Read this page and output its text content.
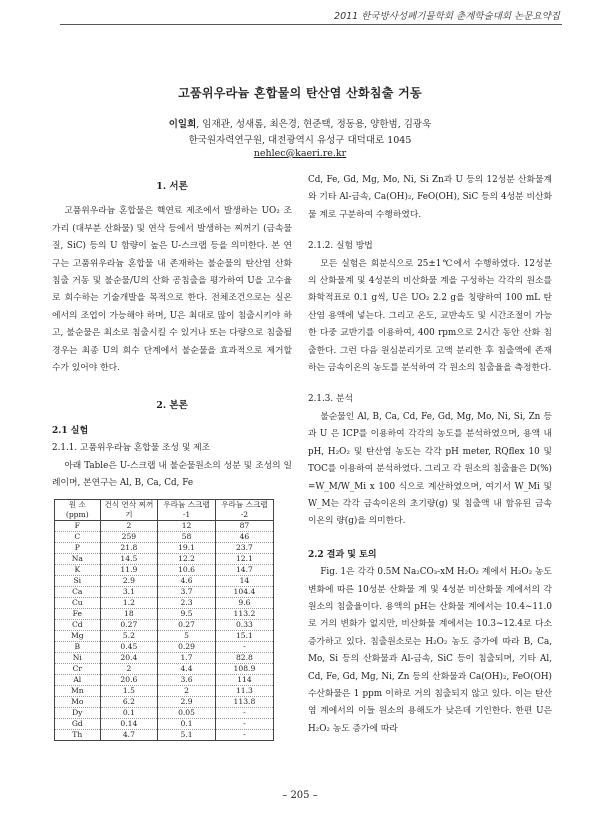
2011 한국방사성폐기물학회 춘계학술대회 논문요약집
고품위우라늄 혼합물의 탄산염 산화침출 거동
이일희, 임재관, 성새롬, 최은경, 현준택, 정동용, 양한범, 김광욱
한국원자력연구원, 대전광역시 유성구 대덕대로 1045
nehlec@kaeri.re.kr
1. 서론

고품위우라늄 혼합물은 핵연료 제조에서 발생하는 UO₂ 조가리 (대부분 산화물) 및 연삭 등에서 발생하는 찌꺼기 (금속물질, SiC) 등의 U 함량이 높은 U-스크랩 등을 의미한다. 본 연구는 고품위우라늄 혼합물 내 존재하는 불순물의 탄산염 산화침출 거동 및 불순물/U의 산화 공침출을 평가하여 U을 고수율로 회수하는 기술개발을 목적으로 한다. 전체조건으로는 실온에서의 조업이 가능해야 하며, U은 최대로 많이 침출시키야 하고, 불순물은 최소로 침출시킬 수 있거나 또는 다량으로 침출될 경우는 최종 U의 회수 단계에서 불순물을 효과적으로 제거할 수가 있어야 한다.

2. 본론
2.1 실험
2.1.1. 고품위우라늄 혼합물 조성 및 제조

아래 Table은 U-스크랩 내 불순물원소의 성분 및 조성의 일례이며, 본연구는 Al, B, Ca, Cd, Fe

원 소 (ppm)	건식 연삭 찌꺼기	우라늄 스크랩 -1	우라늄 스크랩 -2
F	2	12	87
C	259	58	46
P	21.8	19.1	23.7
Na	14.5	12.2	12.1
K	11.9	10.6	14.7
Si	2.9	4.6	14
Ca	3.1	3.7	104.4
Cu	1.2	2.3	9.6
Fe	18	9.5	113.2
Cd	0.27	0.27	0.33
Mg	5.2	5	15.1
B	0.45	0.29	-
Ni	20.4	1.7	82.8
Cr	2	4.4	108.9
Al	20.6	3.6	114
Mn	1.5	2	11.3
Mo	6.2	2.9	113.8
Dy	0.1	0.05	-
Gd	0.14	0.1	-
Th	4.7	5.1	-

Cd, Fe, Gd, Mg, Mo, Ni, Si Zn과 U 등의 12성분 산화물계와 기타 Al-금속, Ca(OH)₂, FeO(OH), SiC 등의 4성분 비산화물 계로 구분하여 수행하였다.

2.1.2. 실험 방법

모든 실험은 회분식으로 25±1℃에서 수행하였다. 12성분의 산화물계 및 4성분의 비산화물 계을 구성하는 각각의 원소를 화학적표로 0.1 g씩, U은 UO₂ 2.2 g을 칭량하여 100 mL 탄산염 용액에 넣는다. 그리고 온도, 교반속도 및 시간조절이 가능한 다중 교반기를 이용하여, 400 rpm으로 2시간 동안 산화 침출한다. 그런 다음 원심분리기로 고액 분리한 후 침출액에 존재하는 금속이온의 농도를 분석하여 각 원소의 침출율을 측정한다.

2.1.3. 분석

불순물인 Al, B, Ca, Cd, Fe, Gd, Mg, Mo, Ni, Si, Zn 등과 U 은 ICP를 이용하여 각각의 농도를 분석하였으며, 용액 내 pH, H₂O₂ 및 탄산염 농도는 각각 pH meter, RQflex 10 및 TOC를 이용하여 분석하였다. 그리고 각 원소의 침출율은 D(%) =W_M/W_Mi x 100 식으로 계산하였으며, 여기서 W_Mi 및 W_M는 각각 금속이온의 초기량(g) 및 침출액 내 함유된 금속이온의 량(g)을 의미한다.

2.2 결과 및 토의

Fig. 1은 각각 0.5M Na₂CO₃-xM H₂O₂ 계에서 H₂O₂ 농도 변화에 따른 10성분 산화물 계 및 4성분 비산화물 계에서의 각 원소의 침출율이다. 용액의 pH는 산화물 계에서는 10.4~11.0로 거의 변화가 없지만, 비산화물 계에서는 10.3~12.4로 다소 증가하고 있다. 침출원소로는 H₂O₂ 농도 증가에 따라 B, Ca, Mo, Si 등의 산화물과 Al-금속, SiC 등이 침출되며, 기타 Al, Cd, Fe, Gd, Mg, Ni, Zn 등의 산화물과 Ca(OH)₂, FeO(OH) 수산화물은 1 ppm 이하로 거의 침출되지 않고 있다. 이는 탄산염 계에서의 이들 원소의 용해도가 낮은데 기인한다. 한편 U은 H₂O₂ 농도 증가에 따라

– 205 –
